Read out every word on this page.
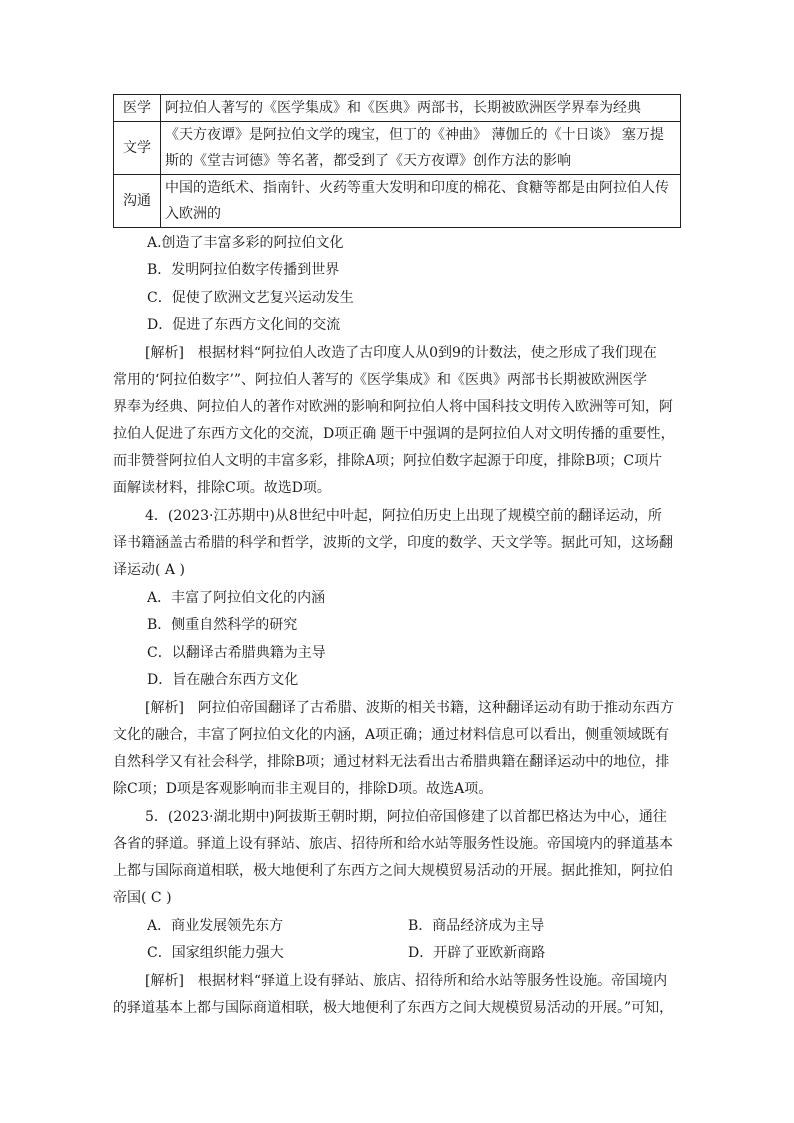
医学	阿拉伯人著写的《医学集成》和《医典》两部书，长期被欧洲医学界奉为经典

文学	《天方夜谭》是阿拉伯文学的瑰宝，但丁的《神曲》 薄伽丘的《十日谈》 塞万提
斯的《堂吉诃德》等名著，都受到了《天方夜谭》创作方法的影响

沟通	中国的造纸术、指南针、火药等重大发明和印度的棉花、食糖等都是由阿拉伯人传
入欧洲的
A.创造了丰富多彩的阿拉伯文化
B．发明阿拉伯数字传播到世界
C．促使了欧洲文艺复兴运动发生
D．促进了东西方文化间的交流
[解析]　根据材料“阿拉伯人改造了古印度人从0到9的计数法，使之形成了我们现在
常用的‘阿拉伯数字’”、阿拉伯人著写的《医学集成》和《医典》两部书长期被欧洲医学
界奉为经典、阿拉伯人的著作对欧洲的影响和阿拉伯人将中国科技文明传入欧洲等可知，阿
拉伯人促进了东西方文化的交流，D项正确 题干中强调的是阿拉伯人对文明传播的重要性，
而非赞誉阿拉伯人文明的丰富多彩，排除A项；阿拉伯数字起源于印度，排除B项；C项片
面解读材料，排除C项。故选D项。
4．(2023·江苏期中)从8世纪中叶起，阿拉伯历史上出现了规模空前的翻译运动，所
译书籍涵盖古希腊的科学和哲学，波斯的文学，印度的数学、天文学等。据此可知，这场翻
译运动( A )
A．丰富了阿拉伯文化的内涵
B．侧重自然科学的研究
C．以翻译古希腊典籍为主导
D．旨在融合东西方文化
[解析]　阿拉伯帝国翻译了古希腊、波斯的相关书籍，这种翻译运动有助于推动东西方
文化的融合，丰富了阿拉伯文化的内涵，A项正确；通过材料信息可以看出，侧重领域既有
自然科学又有社会科学，排除B项；通过材料无法看出古希腊典籍在翻译运动中的地位，排
除C项；D项是客观影响而非主观目的，排除D项。故选A项。
5．(2023·湖北期中)阿拔斯王朝时期，阿拉伯帝国修建了以首都巴格达为中心，通往
各省的驿道。驿道上设有驿站、旅店、招待所和给水站等服务性设施。帝国境内的驿道基本
上都与国际商道相联，极大地便利了东西方之间大规模贸易活动的开展。据此推知，阿拉伯
帝国( C )
A．商业发展领先东方	B．商品经济成为主导
C．国家组织能力强大	D．开辟了亚欧新商路
[解析]　根据材料“驿道上设有驿站、旅店、招待所和给水站等服务性设施。帝国境内
的驿道基本上都与国际商道相联，极大地便利了东西方之间大规模贸易活动的开展。”可知，
